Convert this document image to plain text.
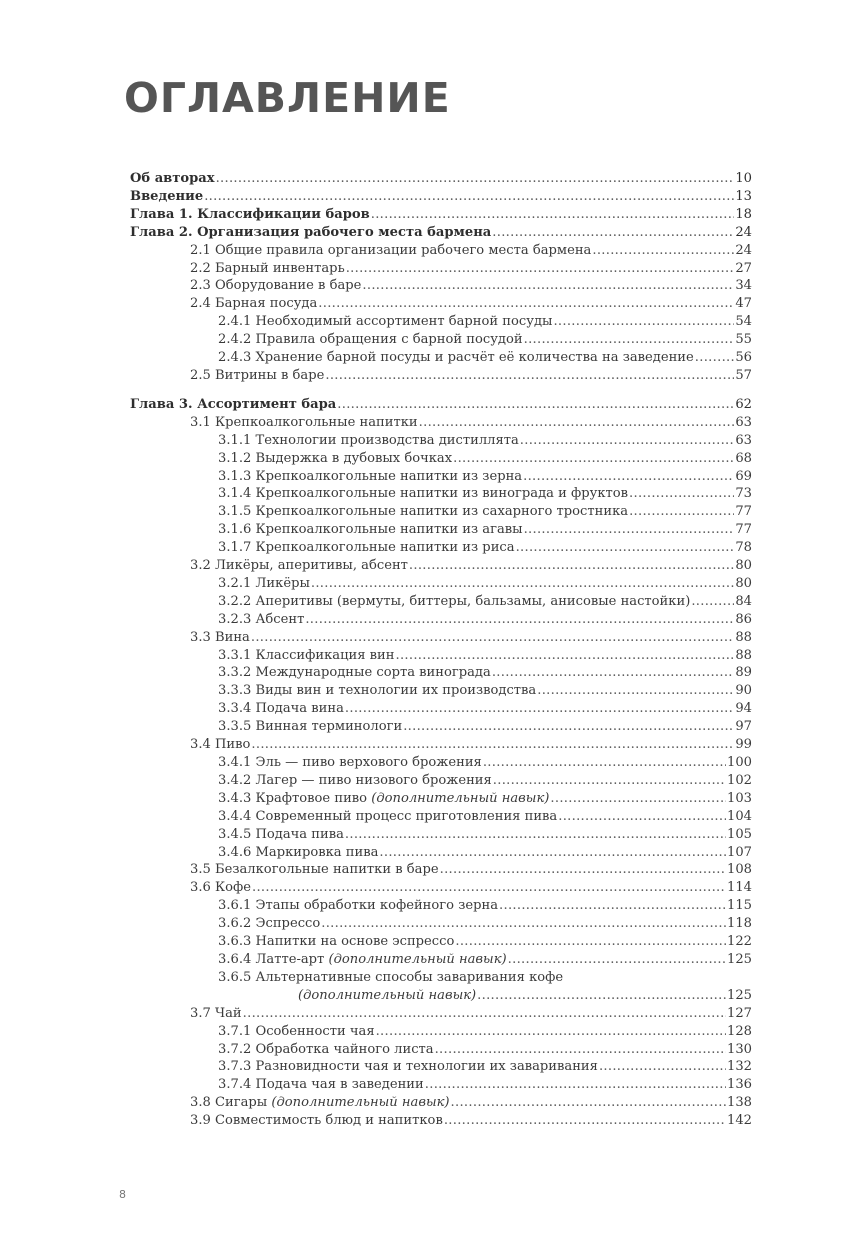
ОГЛАВЛЕНИЕ
Об авторах .....	10
Введение .....	13
Глава 1. Классификации баров .....	18
Глава 2. Организация рабочего места бармена .....	24
2.1 Общие правила организации рабочего места бармена .....	24
2.2 Барный инвентарь .....	27
2.3 Оборудование в баре .....	34
2.4 Барная посуда .....	47
2.4.1 Необходимый ассортимент барной посуды .....	54
2.4.2 Правила обращения с барной посудой .....	55
2.4.3 Хранение барной посуды и расчёт её количества на заведение .....	56
2.5 Витрины в баре .....	57
Глава 3. Ассортимент бара .....	62
3.1 Крепкоалкогольные напитки .....	63
3.1.1 Технологии производства дистиллята .....	63
3.1.2 Выдержка в дубовых бочках .....	68
3.1.3 Крепкоалкогольные напитки из зерна .....	69
3.1.4 Крепкоалкогольные напитки из винограда и фруктов .....	73
3.1.5 Крепкоалкогольные напитки из сахарного тростника .....	77
3.1.6 Крепкоалкогольные напитки из агавы .....	77
3.1.7 Крепкоалкогольные напитки из риса .....	78
3.2 Ликёры, аперитивы, абсент .....	80
3.2.1 Ликёры .....	80
3.2.2 Аперитивы (вермуты, биттеры, бальзамы, анисовые настойки) .....	84
3.2.3 Абсент .....	86
3.3 Вина .....	88
3.3.1 Классификация вин .....	88
3.3.2 Международные сорта винограда .....	89
3.3.3 Виды вин и технологии их производства .....	90
3.3.4 Подача вина .....	94
3.3.5 Винная терминологи .....	97
3.4 Пиво .....	99
3.4.1 Эль — пиво верхового брожения .....	100
3.4.2 Лагер — пиво низового брожения .....	102
3.4.3 Крафтовое пиво (дополнительный навык) .....	103
3.4.4 Современный процесс приготовления пива .....	104
3.4.5 Подача пива .....	105
3.4.6 Маркировка пива .....	107
3.5 Безалкогольные напитки в баре .....	108
3.6 Кофе .....	114
3.6.1 Этапы обработки кофейного зерна .....	115
3.6.2 Эспрессо .....	118
3.6.3 Напитки на основе эспрессо .....	122
3.6.4 Латте-арт (дополнительный навык) .....	125
3.6.5 Альтернативные способы заваривания кофе
(дополнительный навык) .....	125
3.7 Чай .....	127
3.7.1 Особенности чая .....	128
3.7.2 Обработка чайного листа .....	130
3.7.3 Разновидности чая и технологии их заваривания .....	132
3.7.4 Подача чая в заведении .....	136
3.8 Сигары (дополнительный навык) .....	138
3.9 Совместимость блюд и напитков .....	142
8
